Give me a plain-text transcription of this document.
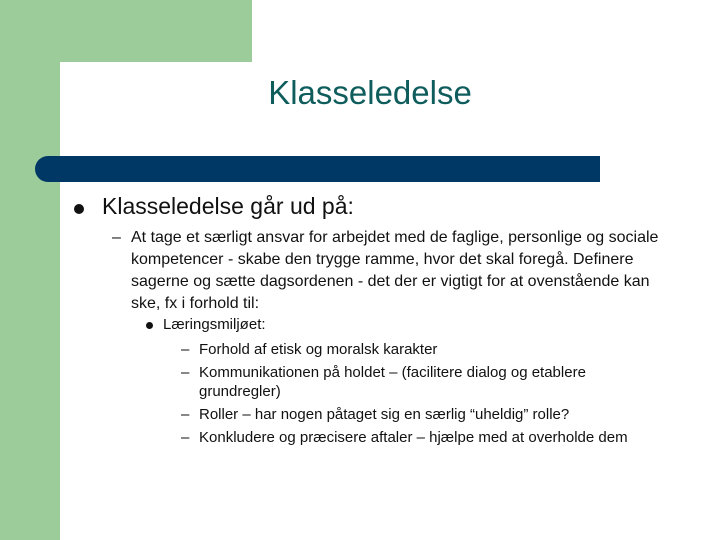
Klasseledelse
Klasseledelse går ud på:
– At tage et særligt ansvar for arbejdet med de faglige, personlige og sociale kompetencer - skabe den trygge ramme, hvor det skal foregå. Definere sagerne og sætte dagsordenen - det der er vigtigt for at ovenstående kan ske, fx i forhold til:
Læringsmiljøet:
– Forhold af etisk og moralsk karakter
– Kommunikationen på holdet – (facilitere dialog og etablere grundregler)
– Roller – har nogen påtaget sig en særlig “uheldig” rolle?
– Konkludere og præcisere aftaler – hjælpe med at overholde dem
